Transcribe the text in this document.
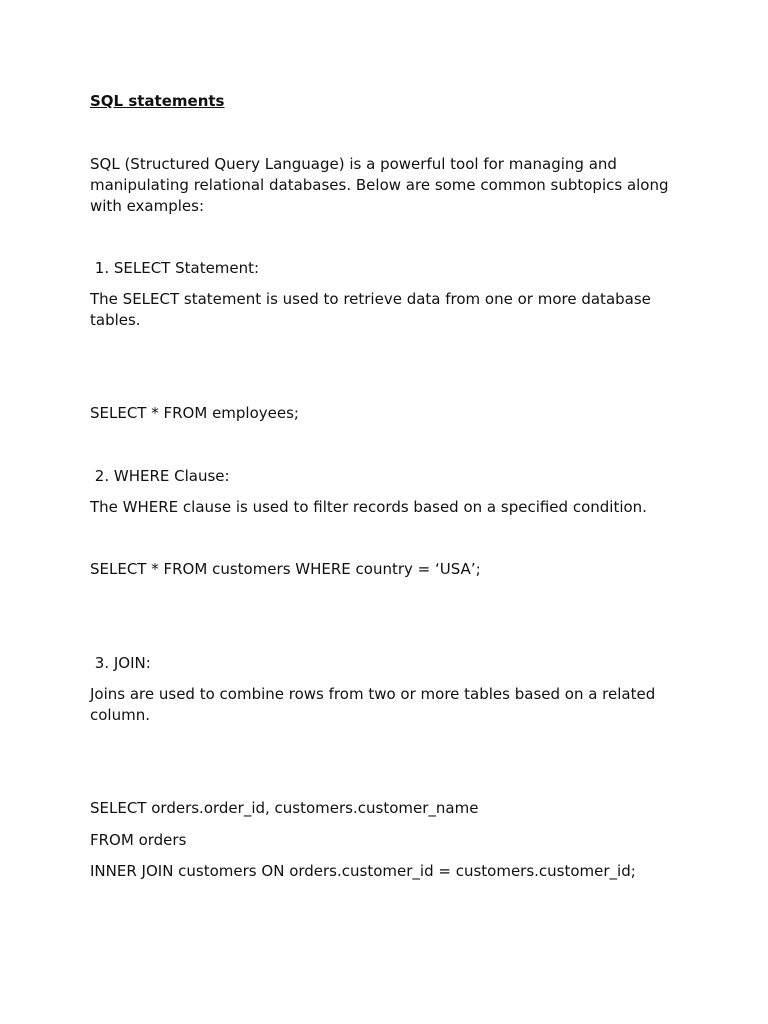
SQL statements
SQL (Structured Query Language) is a powerful tool for managing and manipulating relational databases. Below are some common subtopics along with examples:
1. SELECT Statement:
The SELECT statement is used to retrieve data from one or more database tables.
SELECT * FROM employees;
2. WHERE Clause:
The WHERE clause is used to filter records based on a specified condition.
SELECT * FROM customers WHERE country = ‘USA’;
3. JOIN:
Joins are used to combine rows from two or more tables based on a related column.
SELECT orders.order_id, customers.customer_name
FROM orders
INNER JOIN customers ON orders.customer_id = customers.customer_id;
